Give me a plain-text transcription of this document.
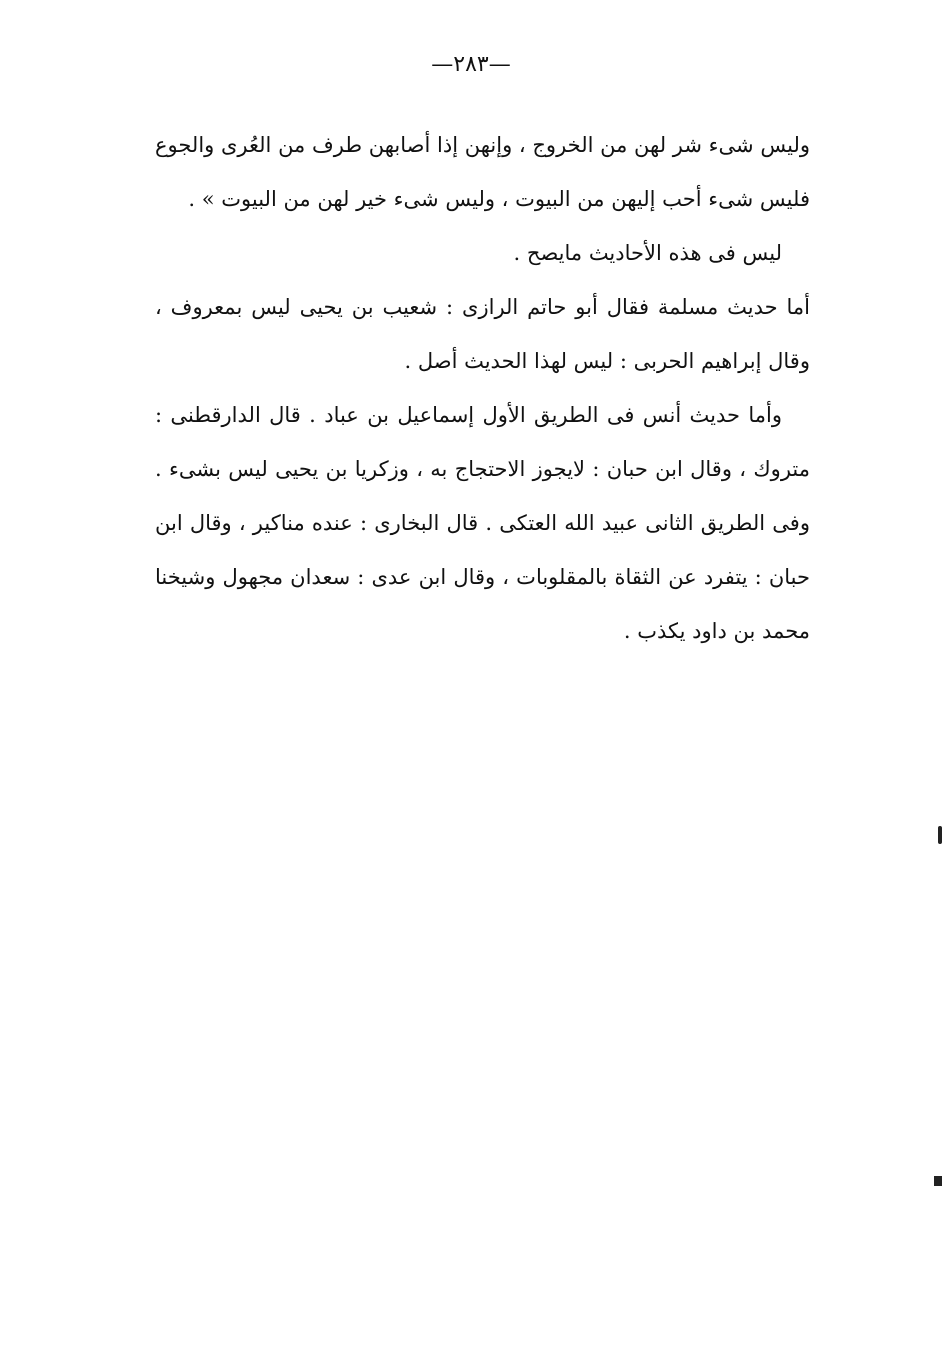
—٢٨٣—
وليس شىء شر لهن من الخروج ، وإنهن إذا أصابهن طرف من العُرى والجوع
فليس شىء أحب إليهن من البيوت ، وليس شىء خير لهن من البيوت » .
ليس فى هذه الأحاديث مايصح .
أما حديث مسلمة فقال أبو حاتم الرازى : شعيب بن يحيى ليس بمعروف ،
وقال إبراهيم الحربى : ليس لهذا الحديث أصل .
وأما حديث أنس فى الطريق الأول إسماعيل بن عباد . قال الدارقطنى :
متروك ، وقال ابن حبان : لايجوز الاحتجاج به ، وزكريا بن يحيى ليس بشىء .
وفى الطريق الثانى عبيد الله العتكى . قال البخارى : عنده مناكير ، وقال ابن
حبان : يتفرد عن الثقاة بالمقلوبات ، وقال ابن عدى : سعدان مجهول وشيخنا
محمد بن داود يكذب .
